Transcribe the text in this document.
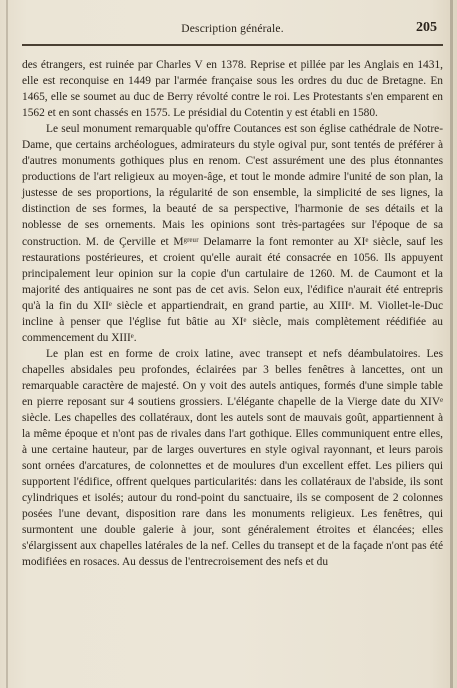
Description générale.	205

des étrangers, est ruinée par Charles V en 1378. Reprise et pillée par les Anglais en 1431, elle est reconquise en 1449 par l'armée française sous les ordres du duc de Bretagne. En 1465, elle se soumet au duc de Berry révolté contre le roi. Les Protestants s'en emparent en 1562 et en sont chassés en 1575. Le présidial du Cotentin y est établi en 1580.

Le seul monument remarquable qu'offre Coutances est son église cathédrale de Notre-Dame, que certains archéologues, admirateurs du style ogival pur, sont tentés de préférer à d'autres monuments gothiques plus en renom. C'est assurément une des plus étonnantes productions de l'art religieux au moyen-âge, et tout le monde admire l'unité de son plan, la justesse de ses proportions, la régularité de son ensemble, la simplicité de ses lignes, la distinction de ses formes, la beauté de sa perspective, l'harmonie de ses détails et la noblesse de ses ornements. Mais les opinions sont très-partagées sur l'époque de sa construction. M. de Çerville et Mᵍʳᵉᵘʳ Delamarre la font remonter au XIᵉ siècle, sauf les restaurations postérieures, et croient qu'elle aurait été consacrée en 1056. Ils appuyent principalement leur opinion sur la copie d'un cartulaire de 1260. M. de Caumont et la majorité des antiquaires ne sont pas de cet avis. Selon eux, l'édifice n'aurait été entrepris qu'à la fin du XIIᵉ siècle et appartiendrait, en grand partie, au XIIIᵉ. M. Viollet-le-Duc incline à penser que l'église fut bâtie au XIᵉ siècle, mais complètement réédifiée au commencement du XIIIᵉ.

Le plan est en forme de croix latine, avec transept et nefs déambulatoires. Les chapelles absidales peu profondes, éclairées par 3 belles fenêtres à lancettes, ont un remarquable caractère de majesté. On y voit des autels antiques, formés d'une simple table en pierre reposant sur 4 soutiens grossiers. L'élégante chapelle de la Vierge date du XIVᵉ siècle. Les chapelles des collatéraux, dont les autels sont de mauvais goût, appartiennent à la même époque et n'ont pas de rivales dans l'art gothique. Elles communiquent entre elles, à une certaine hauteur, par de larges ouvertures en style ogival rayonnant, et leurs parois sont ornées d'arcatures, de colonnettes et de moulures d'un excellent effet. Les piliers qui supportent l'édifice, offrent quelques particularités: dans les collatéraux de l'abside, ils sont cylindriques et isolés; autour du rond-point du sanctuaire, ils se composent de 2 colonnes posées l'une devant, disposition rare dans les monuments religieux. Les fenêtres, qui surmontent une double galerie à jour, sont généralement étroites et élancées; elles s'élargissent aux chapelles latérales de la nef. Celles du transept et de la façade n'ont pas été modifiées en rosaces. Au dessus de l'entrecroisement des nefs et du
